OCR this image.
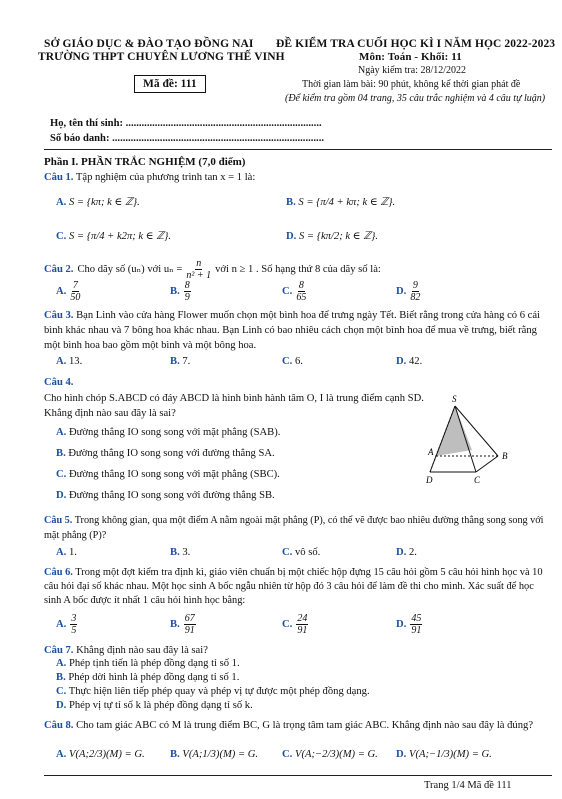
SỞ GIÁO DỤC & ĐÀO TẠO ĐỒNG NAI
TRƯỜNG THPT CHUYÊN LƯƠNG THẾ VINH
Mã đề: 111
ĐỀ KIỂM TRA CUỐI HỌC KÌ I NĂM HỌC 2022-2023
Môn: Toán - Khối: 11
Ngày kiểm tra: 28/12/2022
Thời gian làm bài: 90 phút, không kể thời gian phát đề
(Để kiểm tra gồm 04 trang, 35 câu trắc nghiệm và 4 câu tự luận)
Họ, tên thí sinh: ..........................................................................
Số báo danh: ................................................................................
Phần I. PHẦN TRẮC NGHIỆM (7,0 điểm)
Câu 1. Tập nghiệm của phương trình tan x = 1 là:
A. S = {kπ; k ∈ ℤ}.	B. S = {π/4 + kπ; k ∈ ℤ}.
C. S = {π/4 + k2π; k ∈ ℤ}.	D. S = {kπ/2; k ∈ ℤ}.
Câu 2. Cho dãy số (uₙ) với $u_n = \frac{n}{\text{n² + 1}}$ với n ≥ 1 . Số hạng thứ 8 của dãy số là:
A. $\frac{7}{50}$	B. $\frac{8}{9}$	C. $\frac{8}{65}$	D. $\frac{9}{82}$
Câu 3. Bạn Linh vào cửa hàng Flower muốn chọn một bình hoa để trưng ngày Tết. Biết rằng trong cửa hàng có 6 cái bình khác nhau và 7 bông hoa khác nhau. Bạn Linh có bao nhiêu cách chọn một bình hoa để mua về trưng, biết rằng một bình hoa bao gồm một bình và một bông hoa.
A. 13.	B. 7.	C. 6.	D. 42.
Câu 4.
Cho hình chóp S.ABCD có đáy ABCD là hình bình hành tâm O, I là trung điểm cạnh SD. Khẳng định nào sau đây là sai?
A. Đường thẳng IO song song với mặt phẳng (SAB).
B. Đường thẳng IO song song với đường thẳng SA.
C. Đường thẳng IO song song với mặt phẳng (SBC).
D. Đường thẳng IO song song với đường thẳng SB.
S
A	B
C
D
Câu 5. Trong không gian, qua một điểm A nằm ngoài mặt phẳng (P), có thể vẽ được bao nhiêu đường thẳng song song với mặt phẳng (P)?
A. 1.	B. 3.	C. vô số.	D. 2.
Câu 6. Trong một đợt kiểm tra định kì, giáo viên chuẩn bị một chiếc hộp đựng 15 câu hỏi gồm 5 câu hỏi hình học và 10 câu hỏi đại số khác nhau. Một học sinh A bốc ngẫu nhiên từ hộp đó 3 câu hỏi để làm đề thi cho mình. Xác suất để học sinh A bốc được ít nhất 1 câu hỏi hình học bằng:
A. $\frac{3}{5}$	B. $\frac{67}{91}$	C. $\frac{24}{91}$	D. $\frac{45}{91}$
Câu 7. Khẳng định nào sau đây là sai?
A. Phép tịnh tiến là phép đồng dạng tỉ số 1.
B. Phép dời hình là phép đồng dạng tỉ số 1.
C. Thực hiện liên tiếp phép quay và phép vị tự được một phép đồng dạng.
D. Phép vị tự tỉ số k là phép đồng dạng tỉ số k.
Câu 8. Cho tam giác ABC có M là trung điểm BC, G là trọng tâm tam giác ABC. Khẳng định nào sau đây là đúng?
A. V(A;2/3)(M) = G. B. V(A;1/3)(M) = G. C. V(A;−2/3)(M) = G. D. V(A;−1/3)(M) = G.
Trang 1/4 Mã đề 111
